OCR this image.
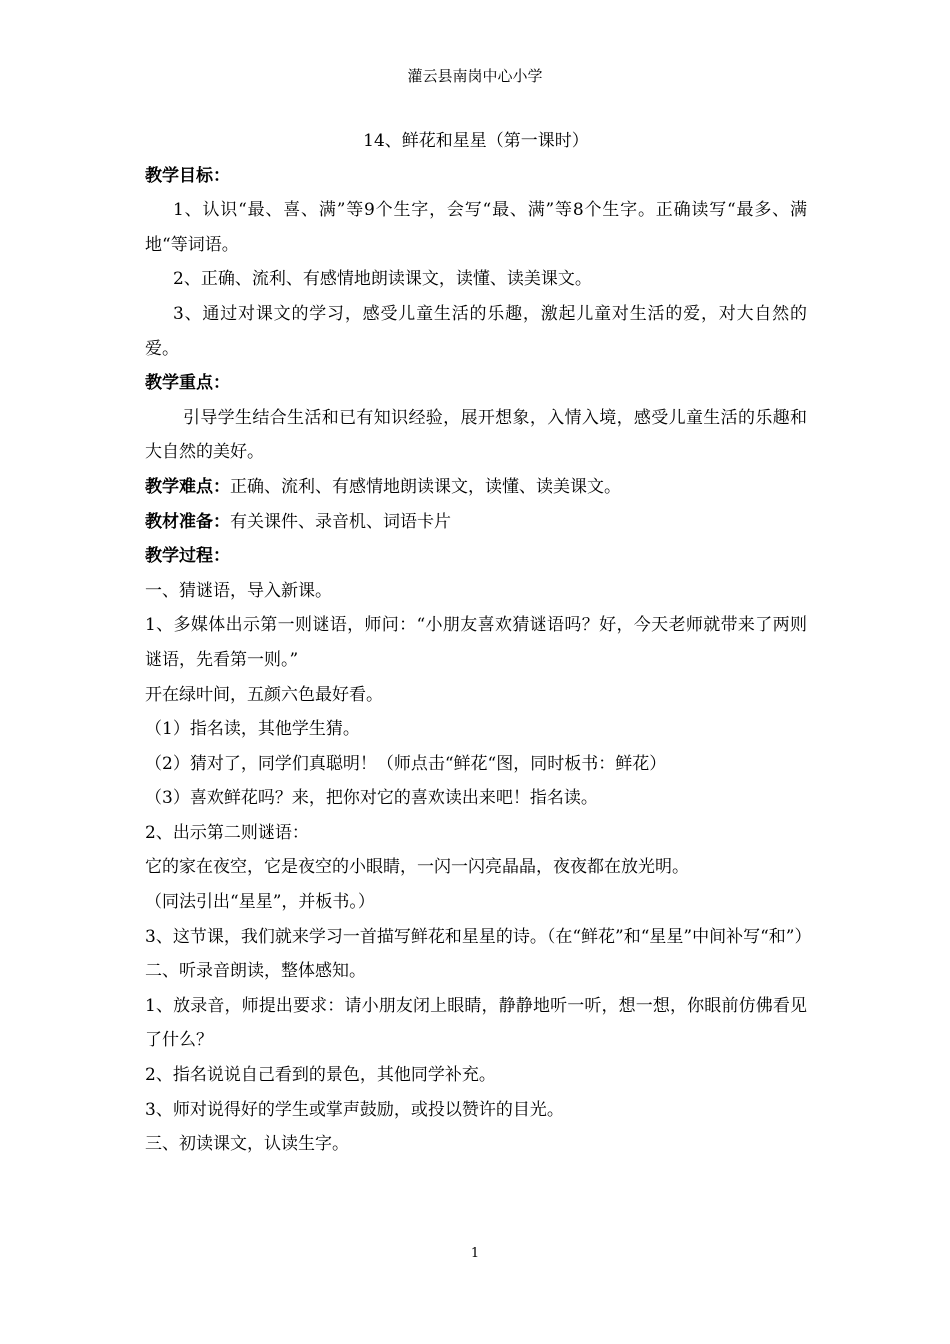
灌云县南岗中心小学

14、鲜花和星星（第一课时）

教学目标：

1、认识“最、喜、满”等9个生字，会写“最、满”等8个生字。正确读写“最多、满地“等词语。

2、正确、流利、有感情地朗读课文，读懂、读美课文。

3、通过对课文的学习，感受儿童生活的乐趣，激起儿童对生活的爱，对大自然的爱。

教学重点：

引导学生结合生活和已有知识经验，展开想象，入情入境，感受儿童生活的乐趣和大自然的美好。

教学难点：正确、流利、有感情地朗读课文，读懂、读美课文。

教材准备：有关课件、录音机、词语卡片

教学过程：

一、猜谜语，导入新课。

1、多媒体出示第一则谜语，师问：“小朋友喜欢猜谜语吗？好，今天老师就带来了两则谜语，先看第一则。”

开在绿叶间，五颜六色最好看。

（1）指名读，其他学生猜。

（2）猜对了，同学们真聪明！（师点击“鲜花“图，同时板书：鲜花）

（3）喜欢鲜花吗？来，把你对它的喜欢读出来吧！指名读。

2、出示第二则谜语：

它的家在夜空，它是夜空的小眼睛，一闪一闪亮晶晶，夜夜都在放光明。

（同法引出“星星”，并板书。）

3、这节课，我们就来学习一首描写鲜花和星星的诗。（在“鲜花”和“星星”中间补写“和”）

二、听录音朗读，整体感知。

1、放录音，师提出要求：请小朋友闭上眼睛，静静地听一听，想一想，你眼前仿佛看见了什么？

2、指名说说自己看到的景色，其他同学补充。

3、师对说得好的学生或掌声鼓励，或投以赞许的目光。

三、初读课文，认读生字。

1
